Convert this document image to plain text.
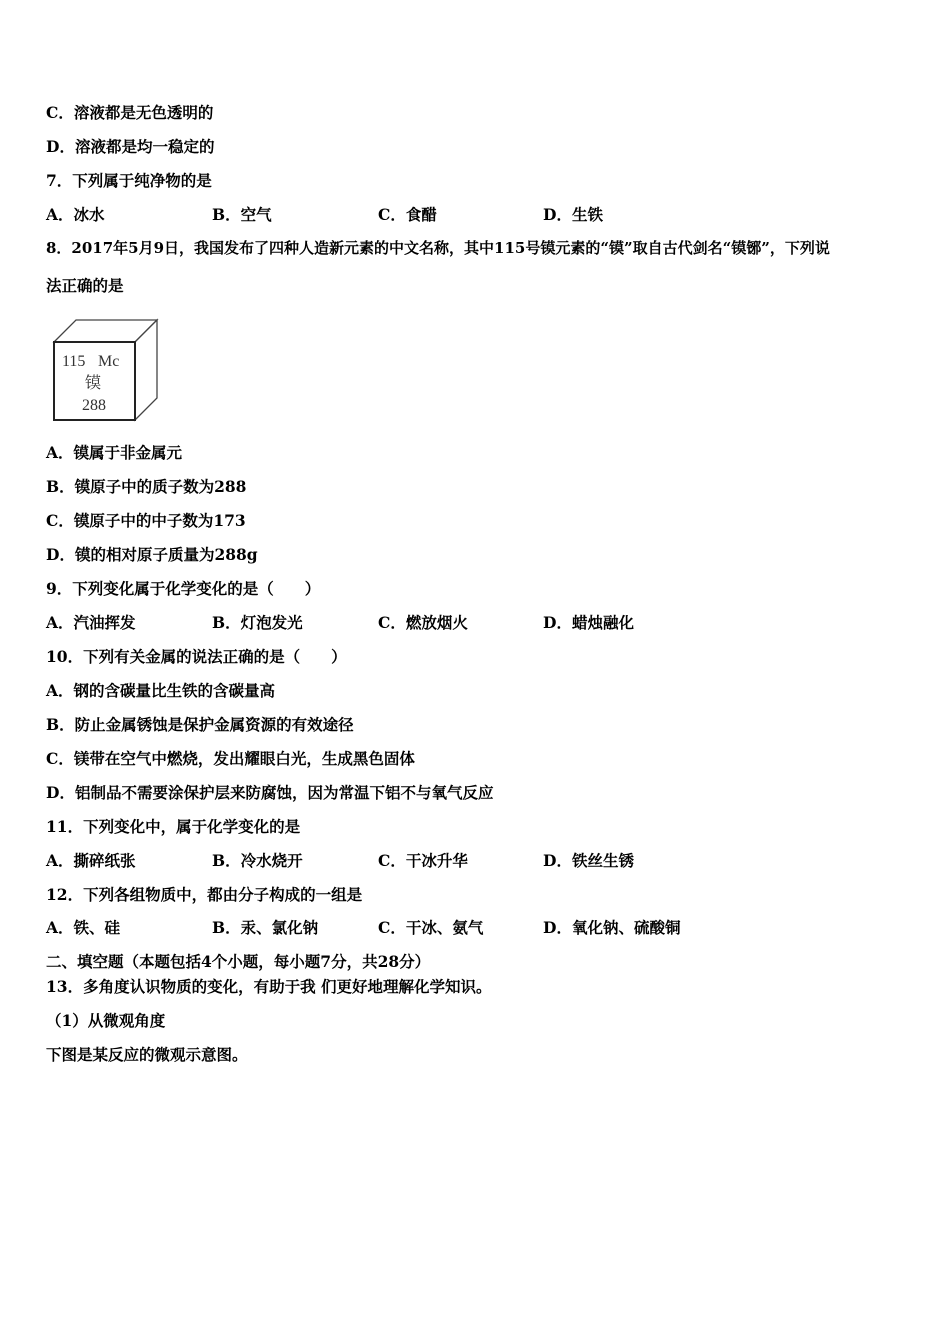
C．溶液都是无色透明的
D．溶液都是均一稳定的
7．下列属于纯净物的是
A．冰水	B．空气	C．食醋	D．生铁
8．2017年5月9日，我国发布了四种人造新元素的中文名称，其中115号镆元素的“镆”取自古代剑名“镆铘”，下列说
法正确的是
115 Mc
镆
288
A．镆属于非金属元
B．镆原子中的质子数为288
C．镆原子中的中子数为173
D．镆的相对原子质量为288g
9．下列变化属于化学变化的是（　　）
A．汽油挥发	B．灯泡发光	C．燃放烟火	D．蜡烛融化
10．下列有关金属的说法正确的是（　　）
A．钢的含碳量比生铁的含碳量高
B．防止金属锈蚀是保护金属资源的有效途径
C．镁带在空气中燃烧，发出耀眼白光，生成黑色固体
D．铝制品不需要涂保护层来防腐蚀，因为常温下铝不与氧气反应
11．下列变化中，属于化学变化的是
A．撕碎纸张	B．冷水烧开	C．干冰升华	D．铁丝生锈
12．下列各组物质中，都由分子构成的一组是
A．铁、硅	B．汞、氯化钠	C．干冰、氨气	D．氧化钠、硫酸铜
二、填空题（本题包括4个小题，每小题7分，共28分）
13．多角度认识物质的变化，有助于我 们更好地理解化学知识。
（1）从微观角度
下图是某反应的微观示意图。
